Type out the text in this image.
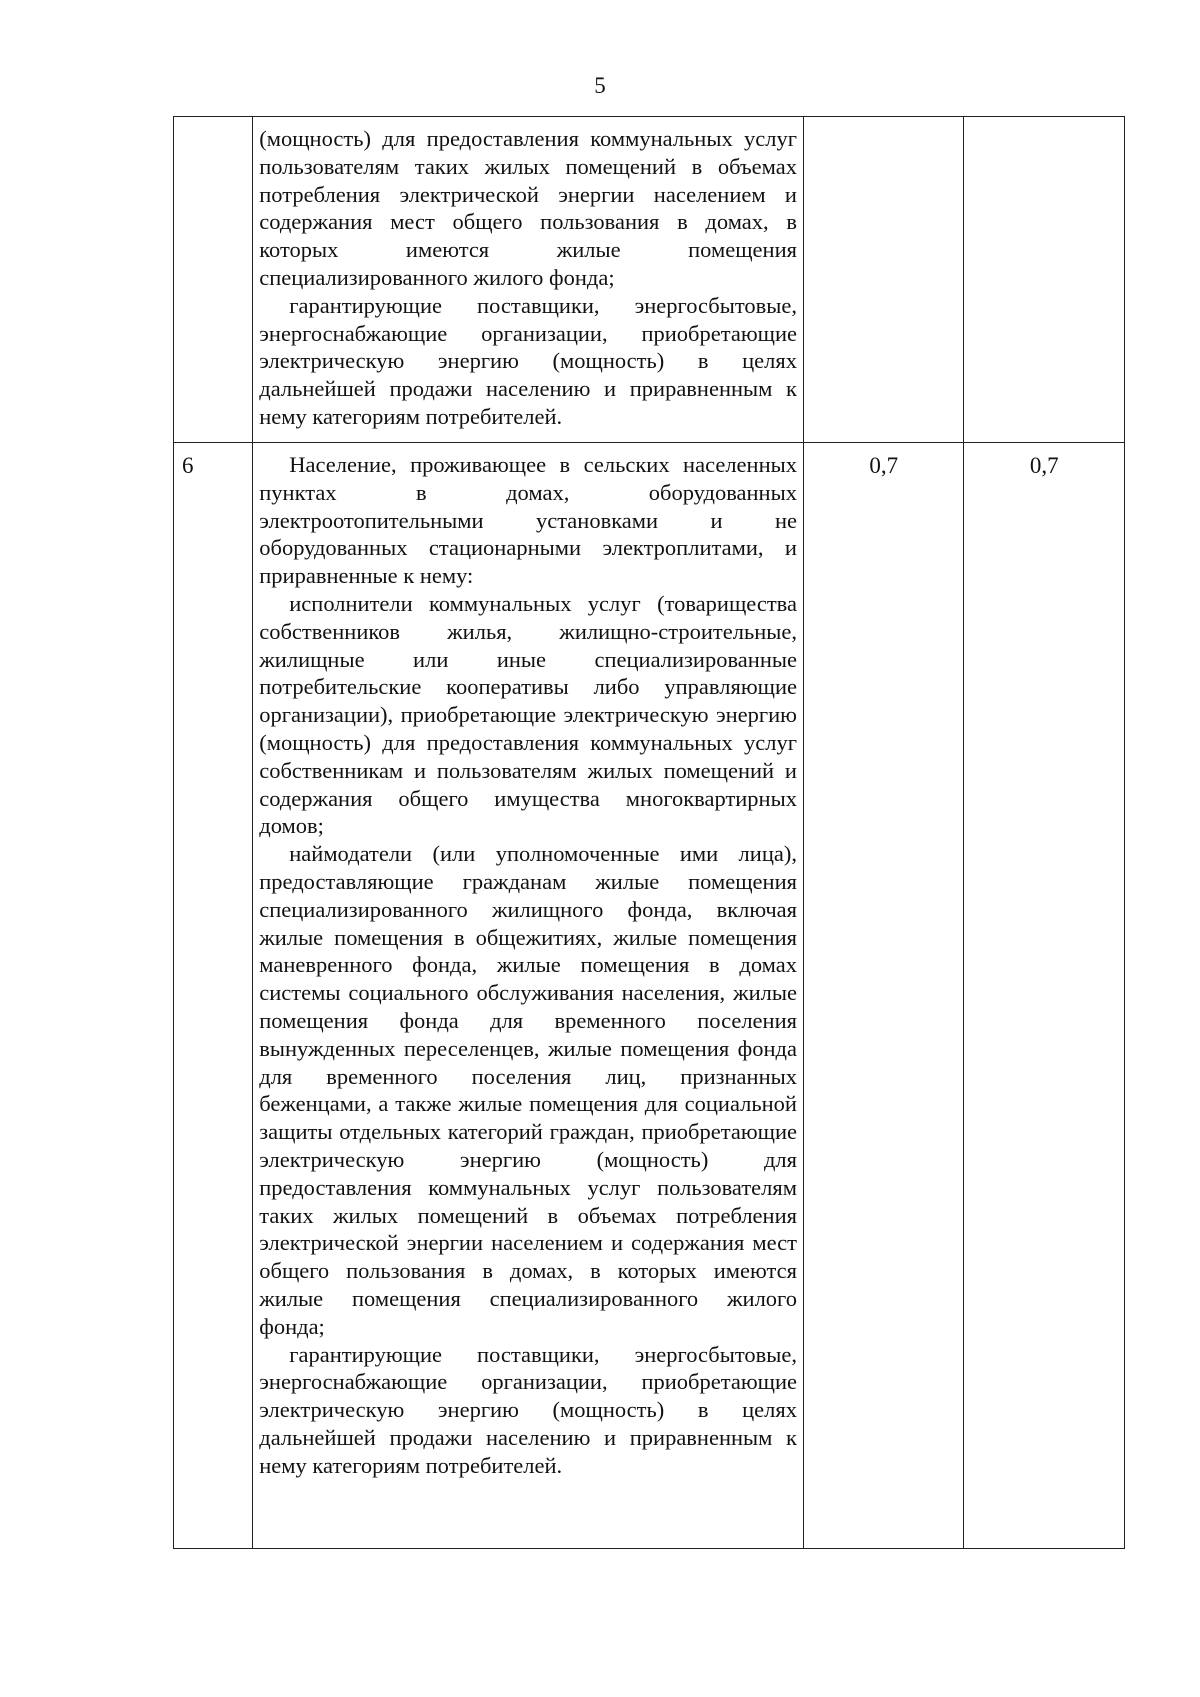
5

	(мощность) для предоставления коммунальных услуг пользователям таких жилых помещений в объемах потребления электрической энергии населением и содержания мест общего пользования в домах, в которых имеются жилые помещения специализированного жилого фонда;

гарантирующие поставщики, энергосбытовые, энергоснабжающие организации, приобретающие электрическую энергию (мощность) в целях дальнейшей продажи населению и приравненным к нему категориям потребителей.		

6	Население, проживающее в сельских населенных пунктах в домах, оборудованных электроотопительными установками и не оборудованных стационарными электроплитами, и приравненные к нему:

исполнители коммунальных услуг (товарищества собственников жилья, жилищно-строительные, жилищные или иные специализированные потребительские кооперативы либо управляющие организации), приобретающие электрическую энергию (мощность) для предоставления коммунальных услуг собственникам и пользователям жилых помещений и содержания общего имущества многоквартирных домов;

наймодатели (или уполномоченные ими лица), предоставляющие гражданам жилые помещения специализированного жилищного фонда, включая жилые помещения в общежитиях, жилые помещения маневренного фонда, жилые помещения в домах системы социального обслуживания населения, жилые помещения фонда для временного поселения вынужденных переселенцев, жилые помещения фонда для временного поселения лиц, признанных беженцами, а также жилые помещения для социальной защиты отдельных категорий граждан, приобретающие электрическую энергию (мощность) для предоставления коммунальных услуг пользователям таких жилых помещений в объемах потребления электрической энергии населением и содержания мест общего пользования в домах, в которых имеются жилые помещения специализированного жилого фонда;

гарантирующие поставщики, энергосбытовые, энергоснабжающие организации, приобретающие электрическую энергию (мощность) в целях дальнейшей продажи населению и приравненным к нему категориям потребителей.	0,7	0,7
